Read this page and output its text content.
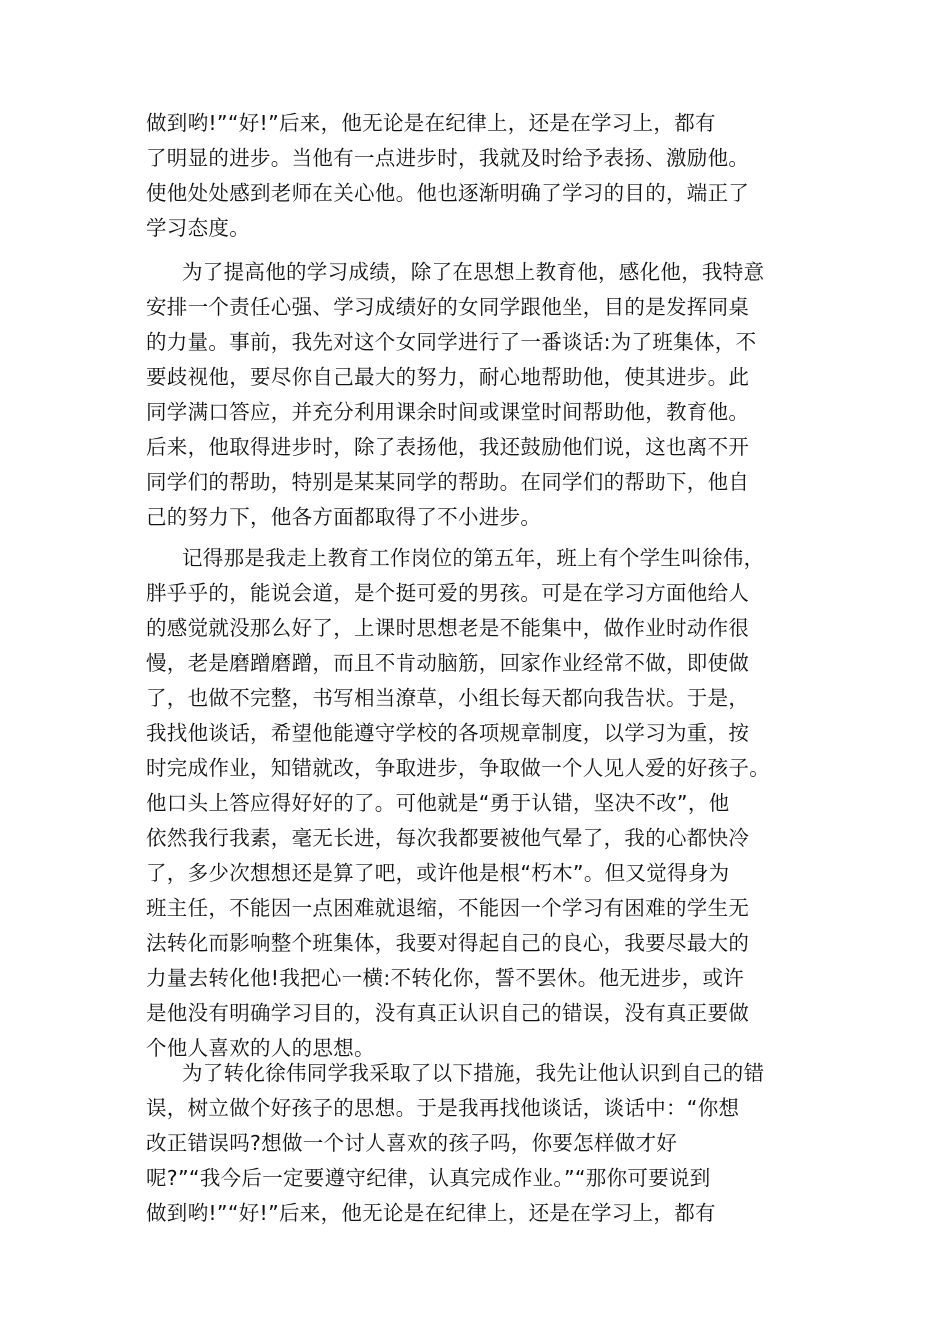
做到哟!”“好!”后来，他无论是在纪律上，还是在学习上，都有
了明显的进步。当他有一点进步时，我就及时给予表扬、激励他。
使他处处感到老师在关心他。他也逐渐明确了学习的目的，端正了
学习态度。
为了提高他的学习成绩，除了在思想上教育他，感化他，我特意
安排一个责任心强、学习成绩好的女同学跟他坐，目的是发挥同桌
的力量。事前，我先对这个女同学进行了一番谈话:为了班集体，不
要歧视他，要尽你自己最大的努力，耐心地帮助他，使其进步。此
同学满口答应，并充分利用课余时间或课堂时间帮助他，教育他。
后来，他取得进步时，除了表扬他，我还鼓励他们说，这也离不开
同学们的帮助，特别是某某同学的帮助。在同学们的帮助下，他自
己的努力下，他各方面都取得了不小进步。
记得那是我走上教育工作岗位的第五年，班上有个学生叫徐伟，
胖乎乎的，能说会道，是个挺可爱的男孩。可是在学习方面他给人
的感觉就没那么好了，上课时思想老是不能集中，做作业时动作很
慢，老是磨蹭磨蹭，而且不肯动脑筋，回家作业经常不做，即使做
了，也做不完整，书写相当潦草，小组长每天都向我告状。于是，
我找他谈话，希望他能遵守学校的各项规章制度，以学习为重，按
时完成作业，知错就改，争取进步，争取做一个人见人爱的好孩子。
他口头上答应得好好的了。可他就是“勇于认错，坚决不改”，他
依然我行我素，毫无长进，每次我都要被他气晕了，我的心都快冷
了，多少次想想还是算了吧，或许他是根“朽木”。但又觉得身为
班主任，不能因一点困难就退缩，不能因一个学习有困难的学生无
法转化而影响整个班集体，我要对得起自己的良心，我要尽最大的
力量去转化他!我把心一横:不转化你，誓不罢休。他无进步，或许
是他没有明确学习目的，没有真正认识自己的错误，没有真正要做
个他人喜欢的人的思想。
为了转化徐伟同学我采取了以下措施，我先让他认识到自己的错
误，树立做个好孩子的思想。于是我再找他谈话，谈话中：“你想
改正错误吗?想做一个讨人喜欢的孩子吗，你要怎样做才好
呢?”“我今后一定要遵守纪律，认真完成作业。”“那你可要说到
做到哟!”“好!”后来，他无论是在纪律上，还是在学习上，都有
